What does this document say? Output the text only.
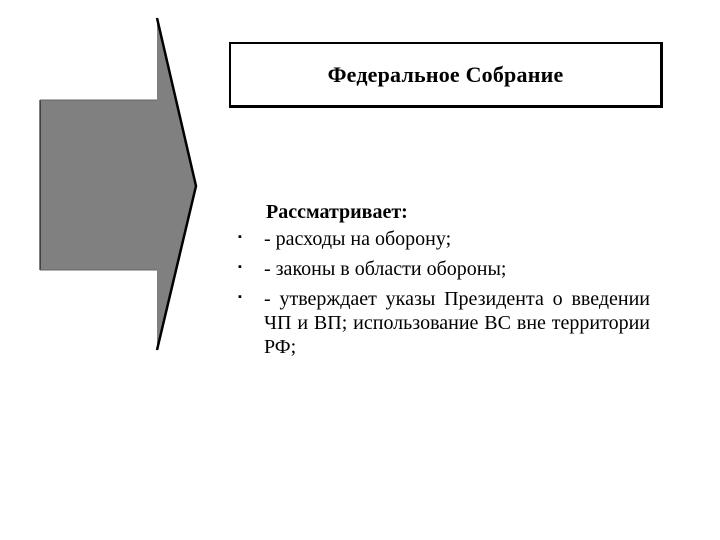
Федеральное Собрание
Рассматривает:
▪ - расходы на оборону;
▪ - законы в области обороны;
▪ - утверждает указы Президента о введении ЧП и ВП; использование ВС вне территории РФ;
